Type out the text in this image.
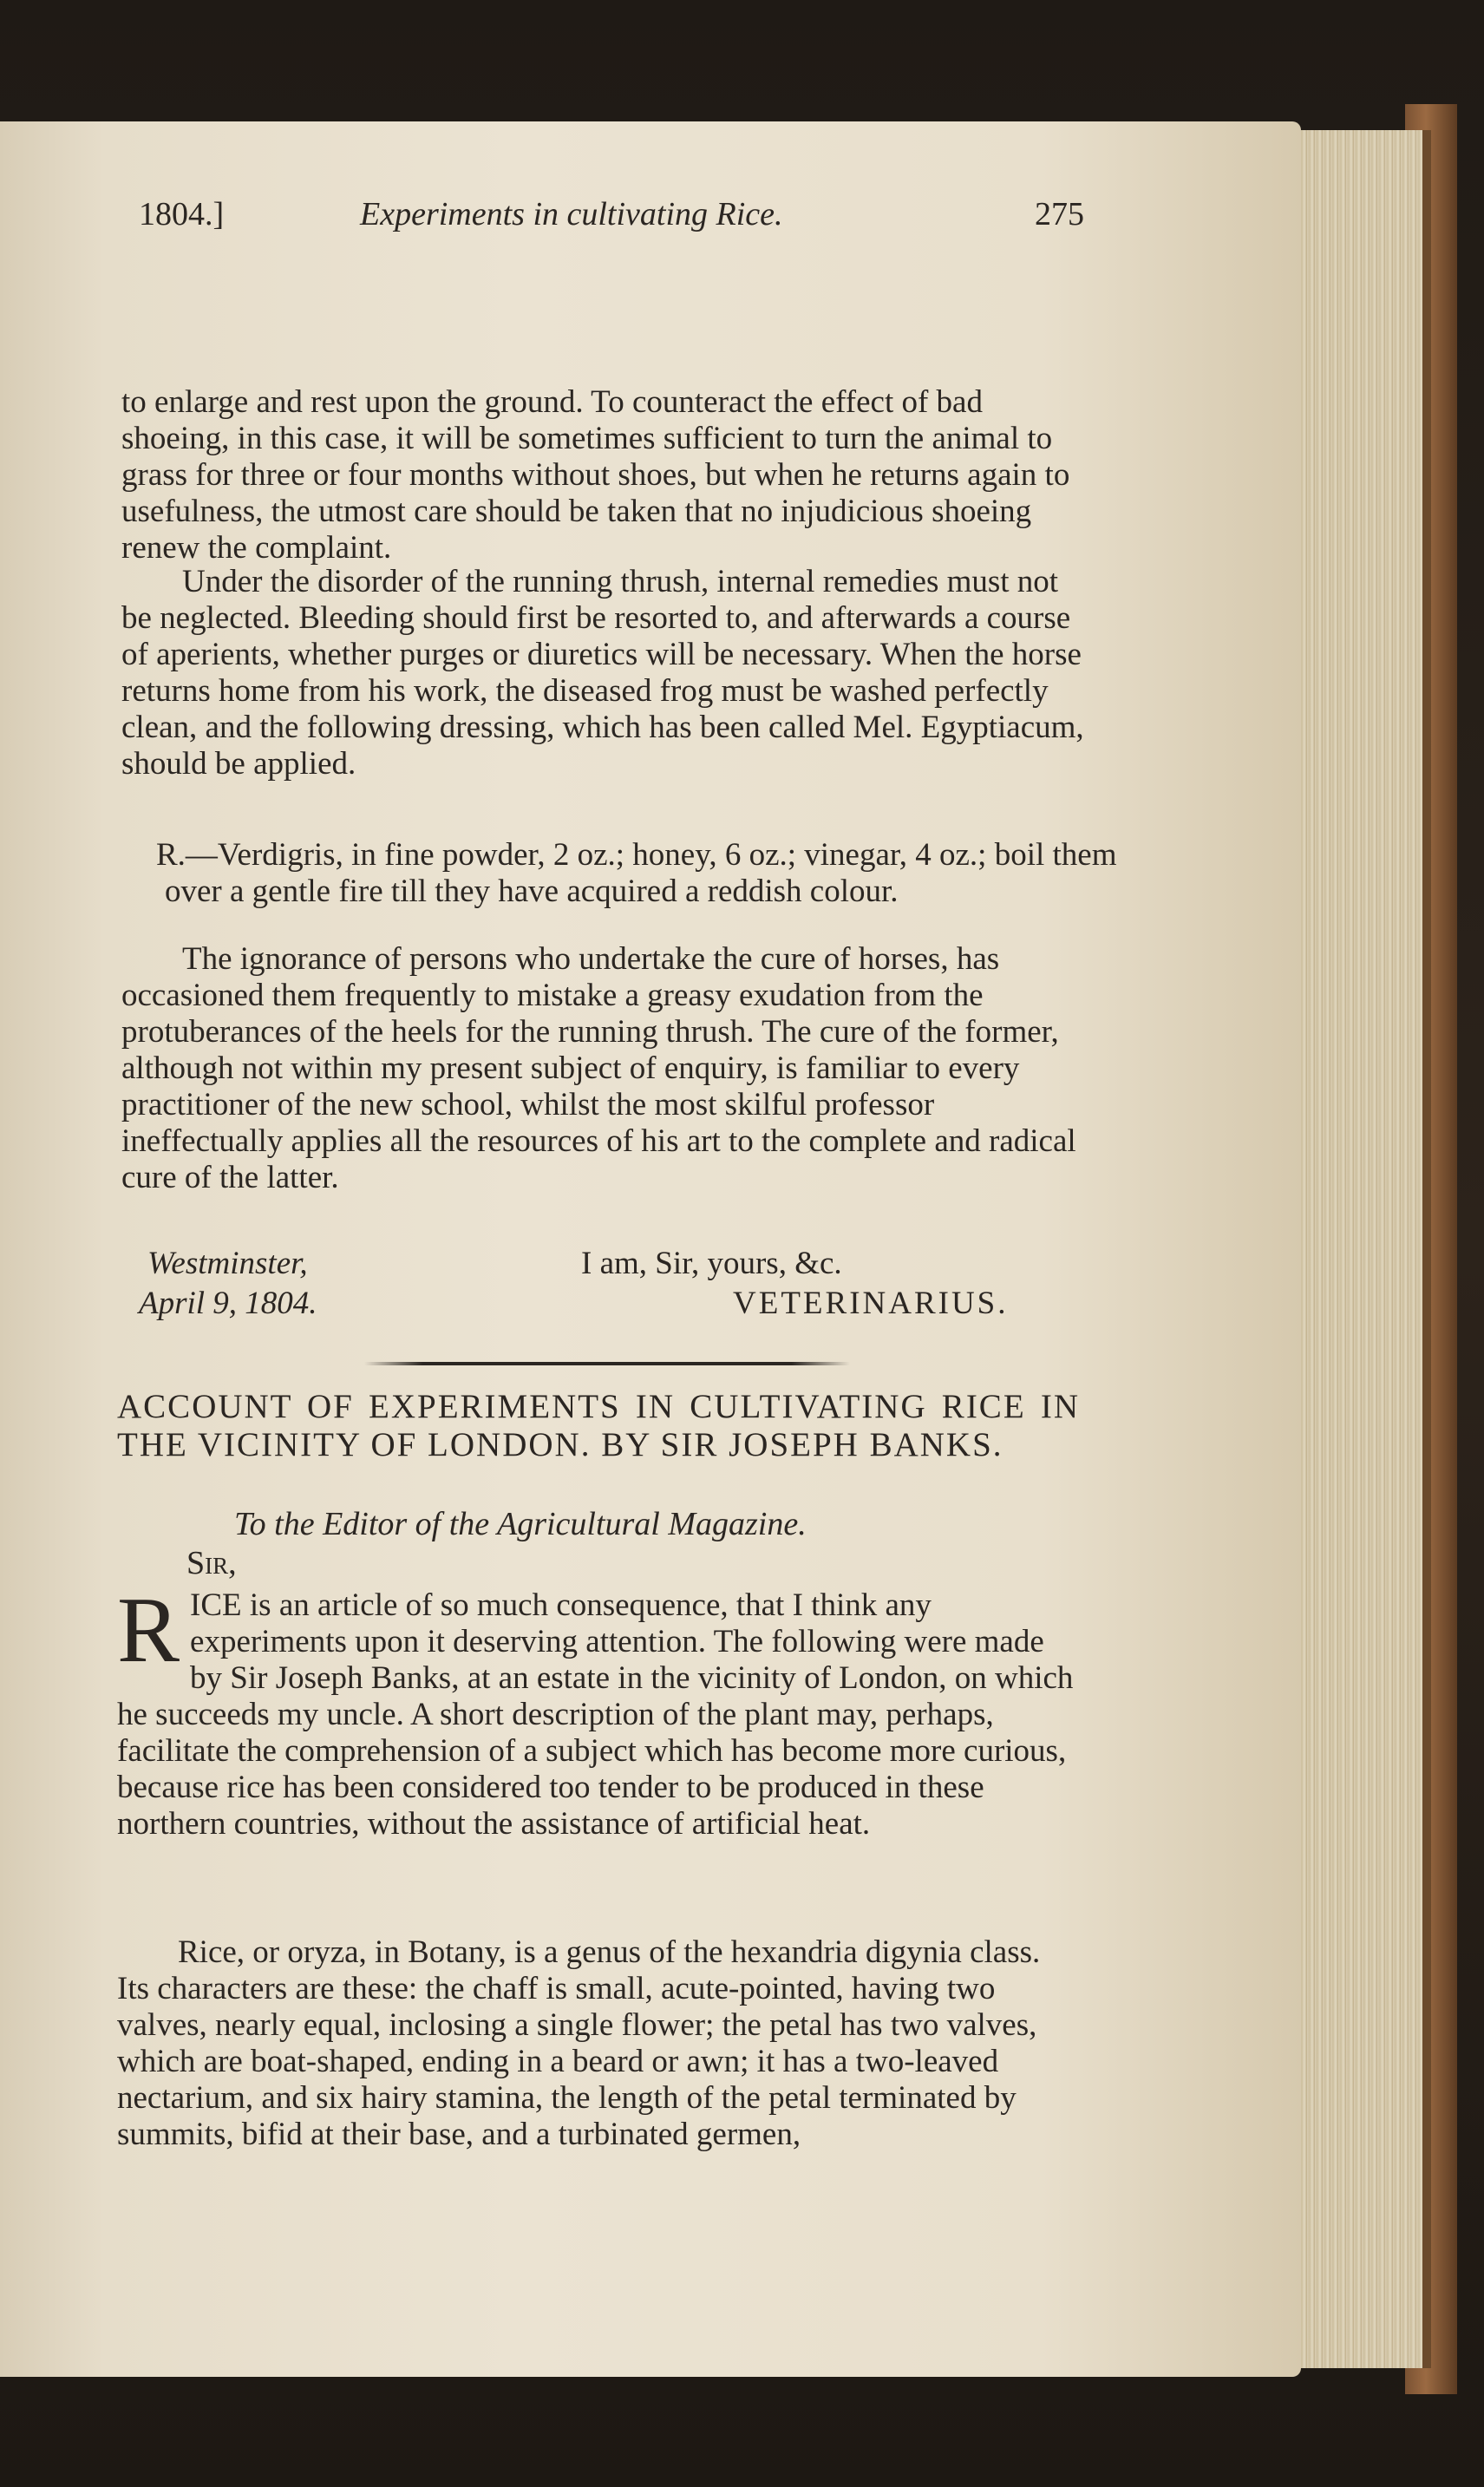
1804.]	Experiments in cultivating Rice.	275

to enlarge and rest upon the ground. To counteract the effect of bad shoeing, in this case, it will be sometimes sufficient to turn the animal to grass for three or four months without shoes, but when he returns again to usefulness, the utmost care should be taken that no injudicious shoeing renew the complaint.

Under the disorder of the running thrush, internal remedies must not be neglected. Bleeding should first be resorted to, and afterwards a course of aperients, whether purges or diuretics will be necessary. When the horse returns home from his work, the diseased frog must be washed perfectly clean, and the following dressing, which has been called Mel. Egyptiacum, should be applied.

R.—Verdigris, in fine powder, 2 oz.; honey, 6 oz.; vinegar, 4 oz.; boil them over a gentle fire till they have acquired a reddish colour.

The ignorance of persons who undertake the cure of horses, has occasioned them frequently to mistake a greasy exudation from the protuberances of the heels for the running thrush. The cure of the former, although not within my present subject of enquiry, is familiar to every practitioner of the new school, whilst the most skilful professor ineffectually applies all the resources of his art to the complete and radical cure of the latter.

Westminster,
April 9, 1804.
I am, Sir, yours, &c.
VETERINARIUS.
ACCOUNT OF EXPERIMENTS IN CULTIVATING RICE IN THE VICINITY OF LONDON. BY SIR JOSEPH BANKS.
To the Editor of the Agricultural Magazine.
Sir,
R ICE is an article of so much consequence, that I think any experiments upon it deserving attention. The following were made by Sir Joseph Banks, at an estate in the vicinity of London, on which he succeeds my uncle. A short description of the plant may, perhaps, facilitate the comprehension of a subject which has become more curious, because rice has been considered too tender to be produced in these northern countries, without the assistance of artificial heat.
Rice, or oryza, in Botany, is a genus of the hexandria digynia class. Its characters are these: the chaff is small, acute-pointed, having two valves, nearly equal, inclosing a single flower; the petal has two valves, which are boat-shaped, ending in a beard or awn; it has a two-leaved nectarium, and six hairy stamina, the length of the petal terminated by summits, bifid at their base, and a turbinated germen,
